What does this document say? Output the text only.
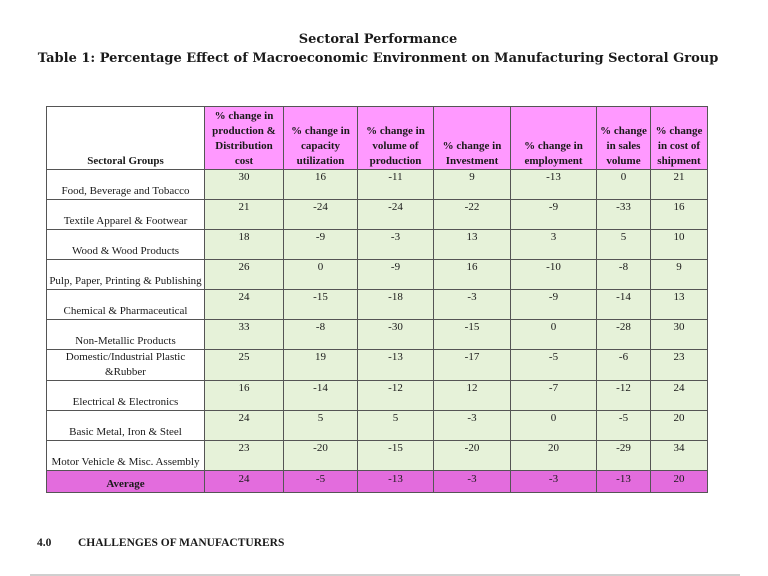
Sectoral Performance
Table 1: Percentage Effect of Macroeconomic Environment on Manufacturing Sectoral Group
Sectoral Groups	% change in production & Distribution cost	% change in capacity utilization	% change in volume of production	% change in Investment	% change in employment	% change in sales volume	% change in cost of shipment
Food, Beverage and Tobacco	30	16	-11	9	-13	0	21
Textile Apparel & Footwear	21	-24	-24	-22	-9	-33	16
Wood & Wood Products	18	-9	-3	13	3	5	10
Pulp, Paper, Printing & Publishing	26	0	-9	16	-10	-8	9
Chemical & Pharmaceutical	24	-15	-18	-3	-9	-14	13
Non-Metallic Products	33	-8	-30	-15	0	-28	30
Domestic/Industrial Plastic &Rubber	25	19	-13	-17	-5	-6	23
Electrical & Electronics	16	-14	-12	12	-7	-12	24
Basic Metal, Iron & Steel	24	5	5	-3	0	-5	20
Motor Vehicle & Misc. Assembly	23	-20	-15	-20	20	-29	34
Average	24	-5	-13	-3	-3	-13	20
4.0 CHALLENGES OF MANUFACTURERS
